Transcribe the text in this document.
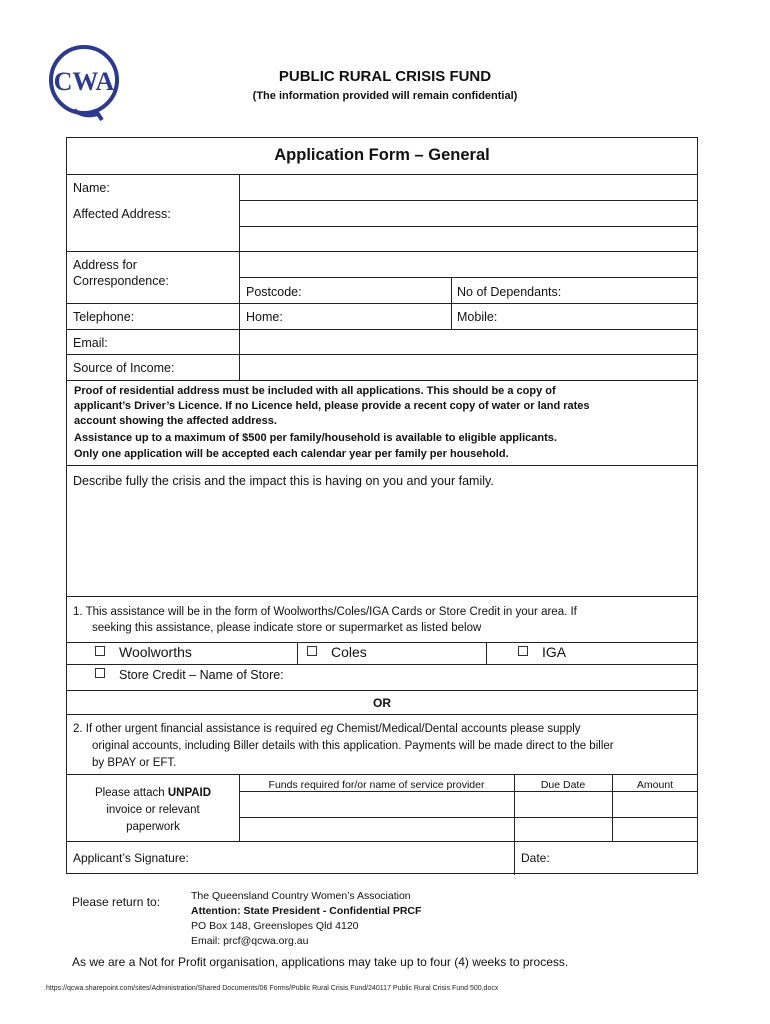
CWA	PUBLIC RURAL CRISIS FUND
(The information provided will remain confidential)
Application Form – General
Name:
Affected Address:
Address for
Correspondence:
Postcode:	No of Dependants:
Telephone:	Home:	Mobile:
Email:
Source of Income:
Proof of residential address must be included with all applications. This should be a copy of
applicant’s Driver’s Licence. If no Licence held, please provide a recent copy of water or land rates
account showing the affected address.
Assistance up to a maximum of $500 per family/household is available to eligible applicants.
Only one application will be accepted each calendar year per family per household.
Describe fully the crisis and the impact this is having on you and your family.
1. This assistance will be in the form of Woolworths/Coles/IGA Cards or Store Credit in your area. If
seeking this assistance, please indicate store or supermarket as listed below
Woolworths	Coles	IGA
Store Credit – Name of Store:
OR
2. If other urgent financial assistance is required eg Chemist/Medical/Dental accounts please supply
original accounts, including Biller details with this application. Payments will be made direct to the biller
by BPAY or EFT.
Please attach UNPAID
invoice or relevant
paperwork
Funds required for/or name of service provider	Due Date	Amount
Applicant’s Signature:	Date:
Please return to:	The Queensland Country Women’s Association
Attention: State President - Confidential PRCF
PO Box 148, Greenslopes Qld 4120
Email: prcf@qcwa.org.au
As we are a Not for Profit organisation, applications may take up to four (4) weeks to process.
https://qcwa.sharepoint.com/sites/Administration/Shared Documents/06 Forms/Public Rural Crisis Fund/240117 Public Rural Crisis Fund 500.docx
